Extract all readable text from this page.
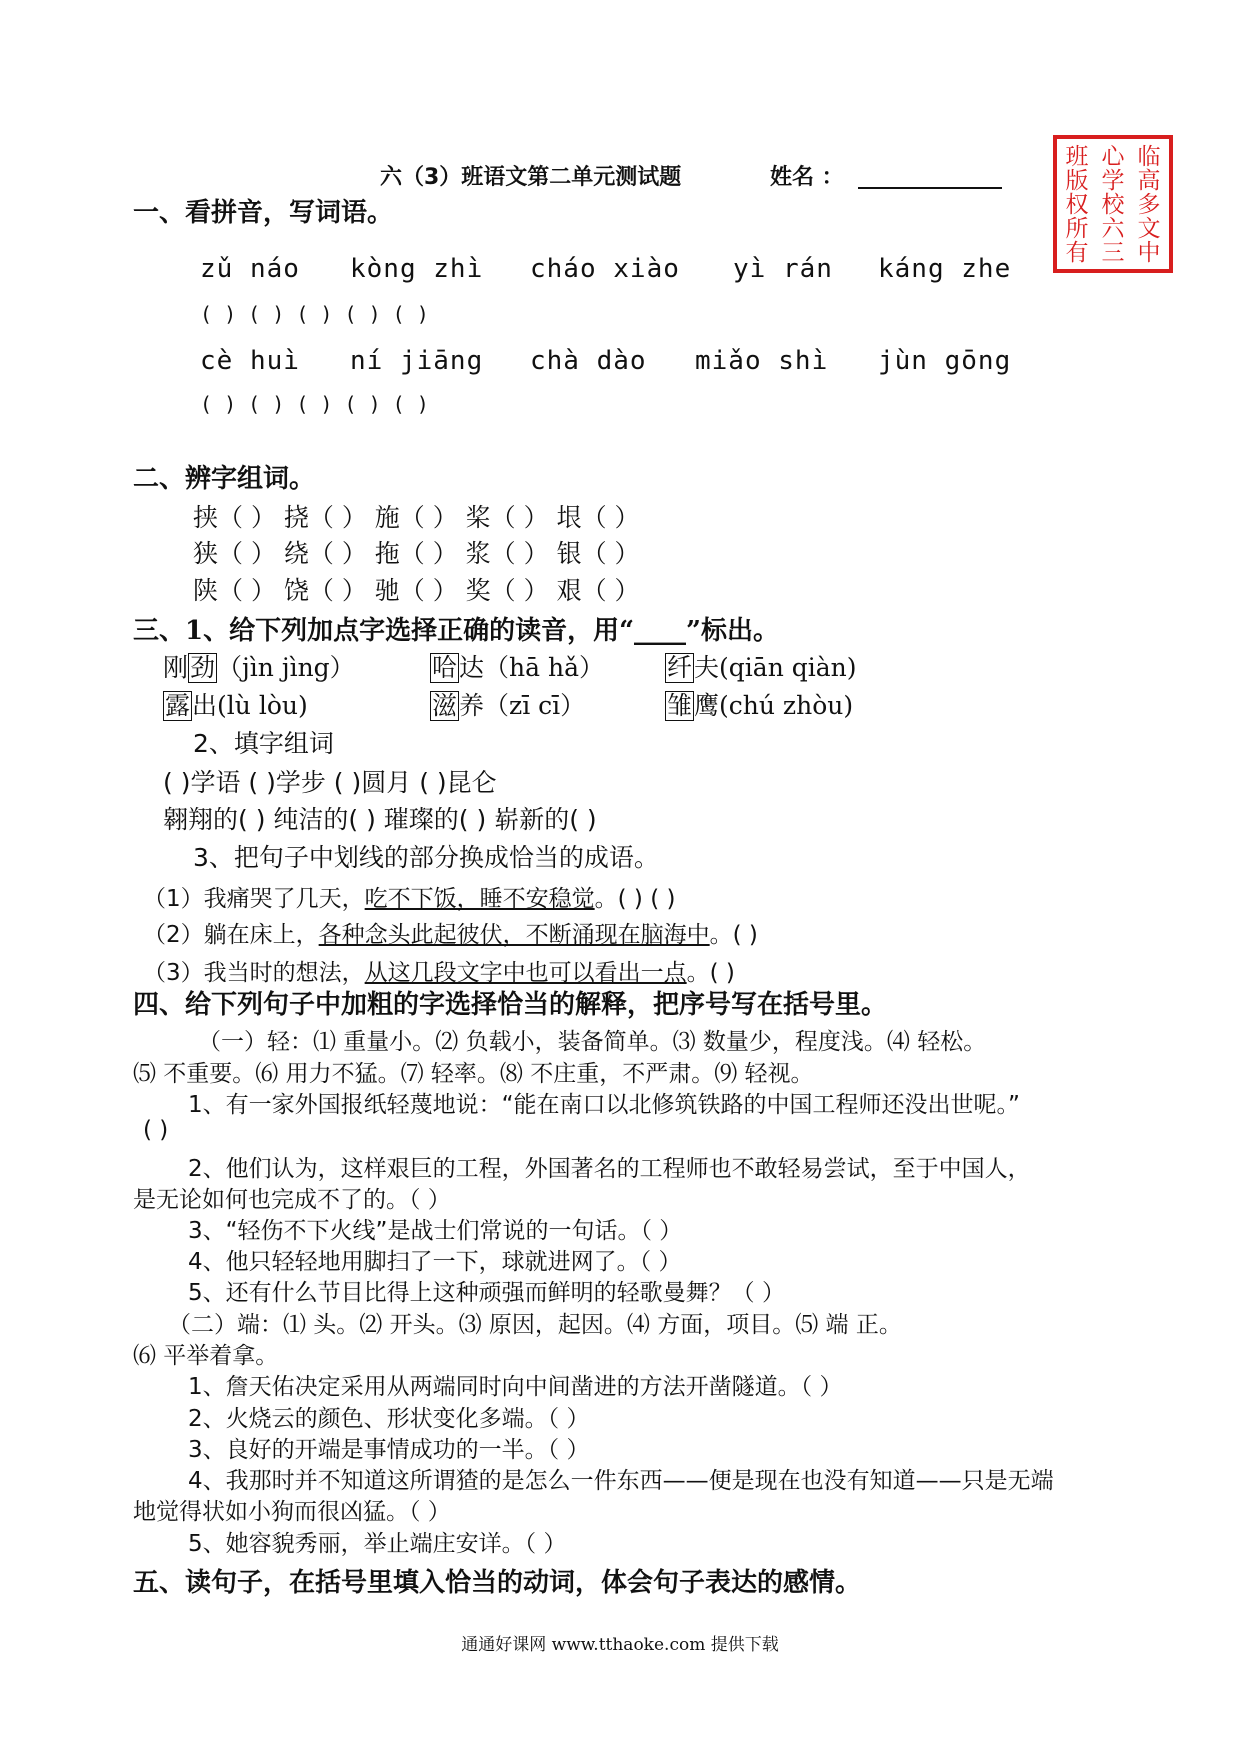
六（3）班语文第二单元测试题	姓名 ：
临高多文中
心学校六三
班版权所有
一、看拼音，写词语。
zǔ náo kòng zhì cháo xiào yì rán káng zhe
( ) ( ) ( ) ( ) ( )
cè huì ní jiāng chà dào miǎo shì jùn gōng
( ) ( ) ( ) ( ) ( )
二、辨字组词。
挟（ ） 挠（ ） 施（ ） 桨（ ） 垠（ ）
狭（ ） 绕（ ） 拖（ ） 浆（ ） 银（ ）
陕（ ） 饶（ ） 驰（ ） 奖（ ） 艰（ ）
三、1、给下列加点字选择正确的读音，用“____”标出。
刚劲（jìn jìng）	哈达（hā hǎ）	纤夫(qiān qiàn)
露出(lù lòu)	滋养（zī cī）	雏鹰(chú zhòu)
2、填字组词
( )学语 ( )学步 ( )圆月 ( )昆仑
翱翔的( ) 纯洁的( ) 璀璨的( ) 崭新的( )
3、把句子中划线的部分换成恰当的成语。
（1）我痛哭了几天，吃不下饭，睡不安稳觉。( ) ( )
（2）躺在床上，各种念头此起彼伏，不断涌现在脑海中。( )
（3）我当时的想法，从这几段文字中也可以看出一点。( )
四、给下列句子中加粗的字选择恰当的解释，把序号写在括号里。
（一）轻：⑴ 重量小。⑵ 负载小，装备简单。⑶ 数量少，程度浅。⑷ 轻松。
⑸ 不重要。⑹ 用力不猛。⑺ 轻率。⑻ 不庄重，不严肃。⑼ 轻视。
1、有一家外国报纸轻蔑地说：“能在南口以北修筑铁路的中国工程师还没出世呢。”
( )
2、他们认为，这样艰巨的工程，外国著名的工程师也不敢轻易尝试，至于中国人，
是无论如何也完成不了的。（ ）
3、“轻伤不下火线”是战士们常说的一句话。（ ）
4、他只轻轻地用脚扫了一下，球就进网了。（ ）
5、还有什么节目比得上这种顽强而鲜明的轻歌曼舞？（ ）
（二）端：⑴ 头。⑵ 开头。⑶ 原因，起因。⑷ 方面，项目。⑸ 端 正。
⑹ 平举着拿。
1、詹天佑决定采用从两端同时向中间凿进的方法开凿隧道。（ ）
2、火烧云的颜色、形状变化多端。（ ）
3、良好的开端是事情成功的一半。（ ）
4、我那时并不知道这所谓猹的是怎么一件东西——便是现在也没有知道——只是无端
地觉得状如小狗而很凶猛。（ ）
5、她容貌秀丽，举止端庄安详。（ ）
五、读句子，在括号里填入恰当的动词，体会句子表达的感情。
通通好课网 www.tthaoke.com 提供下载
